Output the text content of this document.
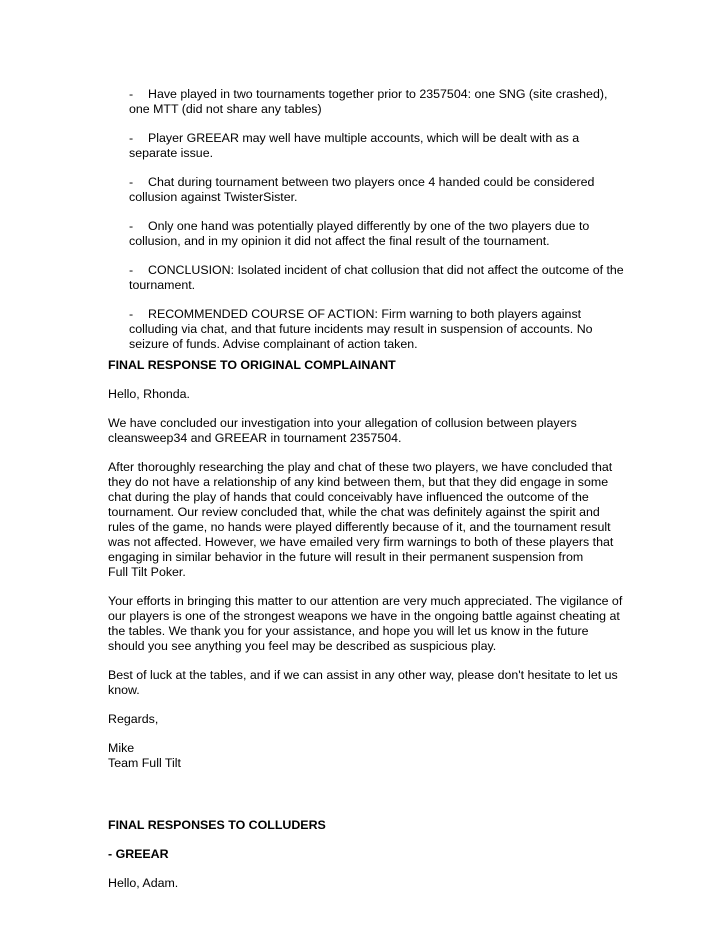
- Have played in two tournaments together prior to 2357504: one SNG (site crashed), one MTT (did not share any tables)
- Player GREEAR may well have multiple accounts, which will be dealt with as a separate issue.
- Chat during tournament between two players once 4 handed could be considered collusion against TwisterSister.
- Only one hand was potentially played differently by one of the two players due to collusion, and in my opinion it did not affect the final result of the tournament.
- CONCLUSION: Isolated incident of chat collusion that did not affect the outcome of the tournament.
- RECOMMENDED COURSE OF ACTION: Firm warning to both players against colluding via chat, and that future incidents may result in suspension of accounts. No seizure of funds. Advise complainant of action taken.
FINAL RESPONSE TO ORIGINAL COMPLAINANT
Hello, Rhonda.
We have concluded our investigation into your allegation of collusion between players cleansweep34 and GREEAR in tournament 2357504.
After thoroughly researching the play and chat of these two players, we have concluded that they do not have a relationship of any kind between them, but that they did engage in some chat during the play of hands that could conceivably have influenced the outcome of the tournament. Our review concluded that, while the chat was definitely against the spirit and rules of the game, no hands were played differently because of it, and the tournament result was not affected. However, we have emailed very firm warnings to both of these players that engaging in similar behavior in the future will result in their permanent suspension from
Full Tilt Poker.
Your efforts in bringing this matter to our attention are very much appreciated. The vigilance of our players is one of the strongest weapons we have in the ongoing battle against cheating at the tables. We thank you for your assistance, and hope you will let us know in the future should you see anything you feel may be described as suspicious play.
Best of luck at the tables, and if we can assist in any other way, please don't hesitate to let us know.
Regards,
Mike
Team Full Tilt
FINAL RESPONSES TO COLLUDERS
- GREEAR
Hello, Adam.
